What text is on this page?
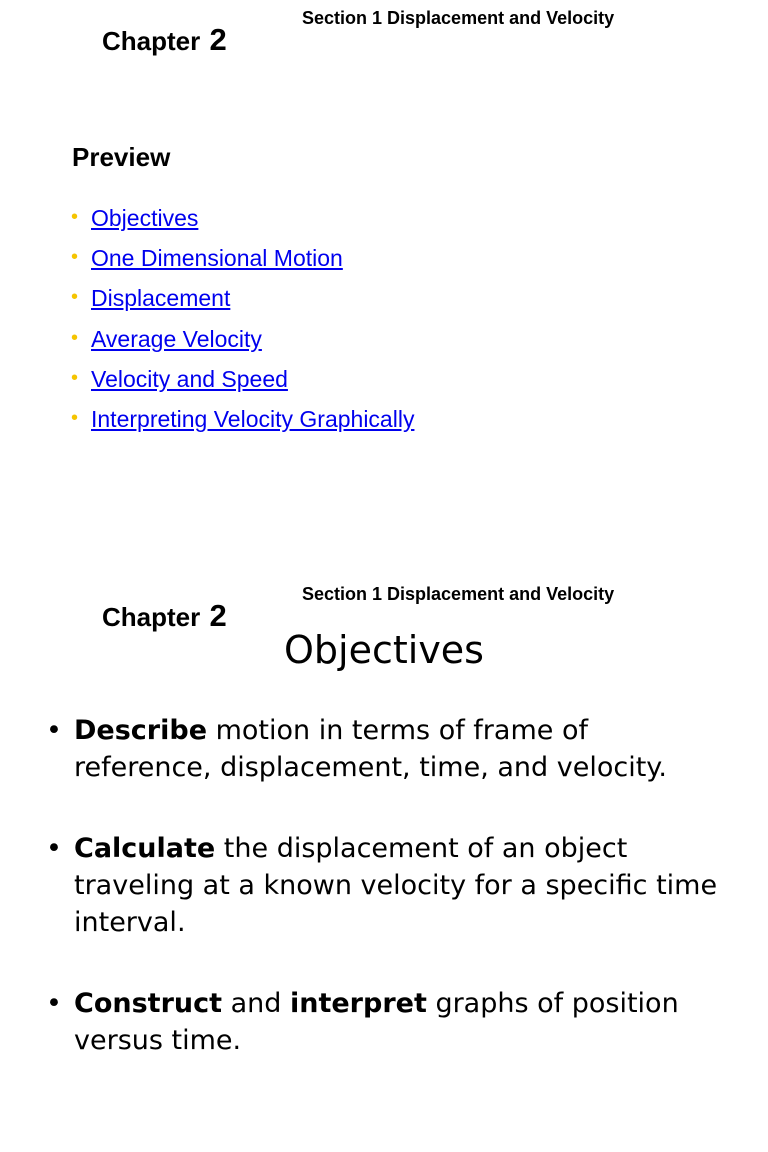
Section 1 Displacement and Velocity
Chapter 2
Preview
• Objectives
• One Dimensional Motion
• Displacement
• Average Velocity
• Velocity and Speed
• Interpreting Velocity Graphically
Section 1 Displacement and Velocity
Chapter 2
Objectives
• Describe motion in terms of frame of reference, displacement, time, and velocity.
• Calculate the displacement of an object traveling at a known velocity for a specific time interval.
• Construct and interpret graphs of position versus time.
